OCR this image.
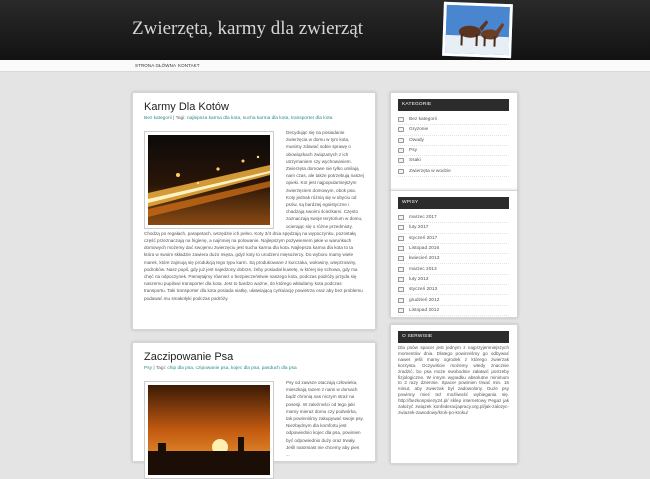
Zwierzęta, karmy dla zwierząt
STRONA GŁÓWNA KONTAKT
Karmy Dla Kotów
Bez kategorii | Tagi: najlepsza karma dla kota, sucha karma dla kota, transporter dla kota
Decydując się na posiadanie zwierzęcia w domu w tym kota, musimy zdawać sobie sprawę o obowiązkach związanych z ich utrzymaniem czy wychowaniem. Zwierzęta domowe nie tylko umilają nam czas, ale także potrzebują naszej opieki. Kot jest najpopularniejszym zwierzęciem domowym, obok psa. Koty jednak różnią się w obyciu od psów, są bardziej egoistyczne i chadzają swoimi ścieżkami. Często zaznaczają swoje terytorium w domu, ocierając się o różne przedmioty. Chodzą po regałach, parapetach, wszędzie ich pełno. Koty 3/4 dnia spędzają na wypoczynku, pozostałą część przeznaczają na higienę, a najmniej na polowanie. Najlepszym pożywieniem jakie w warunkach domowych możemy dać swojemu zwierzęciu jest sucha karma dla kota. Najlepsza karma dla kota to ta która w swoim składzie zawiera dużo mięsa, gdyż koty to urodzeni mięsożercy. Do wyboru mamy wiele marek, które zajmują się produkcją tego typu karm. Są produkowane z kurczaka, wołowiny, wieprzowiny, podrobów. Nasz pupil, gdy już jest najedzony dobrze, żeby posiadał kuwetę, w której się schowa, gdy ma chęć na odpoczynek. Pamiętajmy również o bezpieczeństwie naszego kota, podczas podróży przyda się naszemu pupilowi transporter dla kota. Jest to bardzo ważne, do którego wkładamy kota podczas transportu. Taki transporter dla kota posiada siatkę, ułatwiającą cyrkulację powietrza oraz aby bez problemu podawać mu smakołyki podczas podróży.
Zaczipowanie Psa
Psy | Tagi: chip dla psa, czipowanie psa, kojec dla psa, pasduch dla psa
Psy od zawsze otaczają człowieka, mieszkają razem z nami w domach bądź chronią nas niczym straż na posesji. W zależności od tego jaki mamy mieraz domu czy podwórka, tak powinniśmy zakupywać swoje psy. Niezbędnym dla komfortu jest odpowiednio kojec dla psa, powinien być odpowiednio duży oraz trwały. Jeśli natomiast nie chcemy aby pies ...
KATEGORIE
Bez kategorii
Gryzonie
Owady
Psy
Ssaki
Zwierzęta w wodzie
WPISY
marzec 2017
luty 2017
styczeń 2017
Listopad 2016
kwiecień 2013
marzec 2013
luty 2013
styczeń 2013
grudzień 2012
Listopad 2012
O SERWISIE
Dla psów spacer jest jednym z najprzyjemniejszych momentów dnia. Dlatego powinniśmy go odbywać nawet jeśli mamy ogrodek z którego zwierzak korzysta. Oczywiście możemy wtedy znacznie zradzić, bo psa może swobodnie załatwić potrzeby fizjologiczne. W innym wypadku absolutne minimum to 2 razy dziennie. Spacer powinien trwać min. 15 minut, aby zwierzak był zadowolony. Duże psy powinny mieć też możliwość wybiegania się. http://bezkonpsiezy24.pl/ sklep internetowy Pegaz jak założyć związek konfederacjapracy.org.pl/jak-zalozyc-zwiazek-zawodowy/krok-po-kroku/
